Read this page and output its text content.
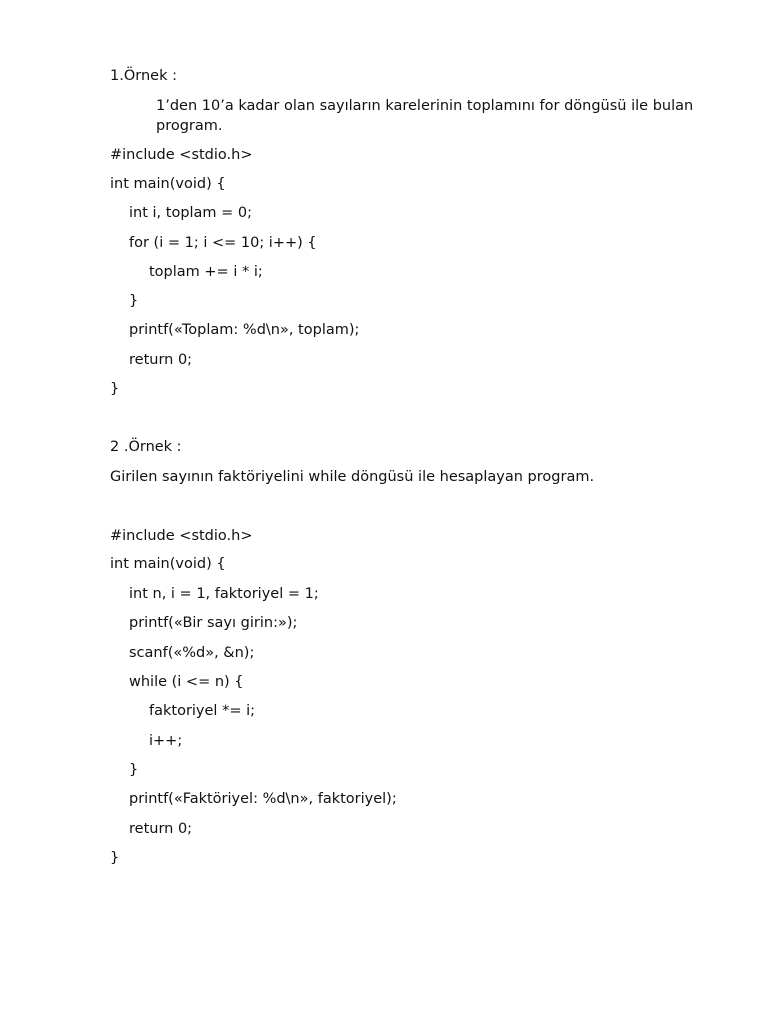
1.Örnek :
1’den 10’a kadar olan sayıların karelerinin toplamını for döngüsü ile bulan program.
#include <stdio.h>
int main(void) {
int i, toplam = 0;
for (i = 1; i <= 10; i++) {
toplam += i * i;
}
printf(«Toplam: %d\n», toplam);
return 0;
}
2 .Örnek :
Girilen sayının faktöriyelini while döngüsü ile hesaplayan program.
#include <stdio.h>
int main(void) {
int n, i = 1, faktoriyel = 1;
printf(«Bir sayı girin:»);
scanf(«%d», &n);
while (i <= n) {
faktoriyel *= i;
i++;
}
printf(«Faktöriyel: %d\n», faktoriyel);
return 0;
}
